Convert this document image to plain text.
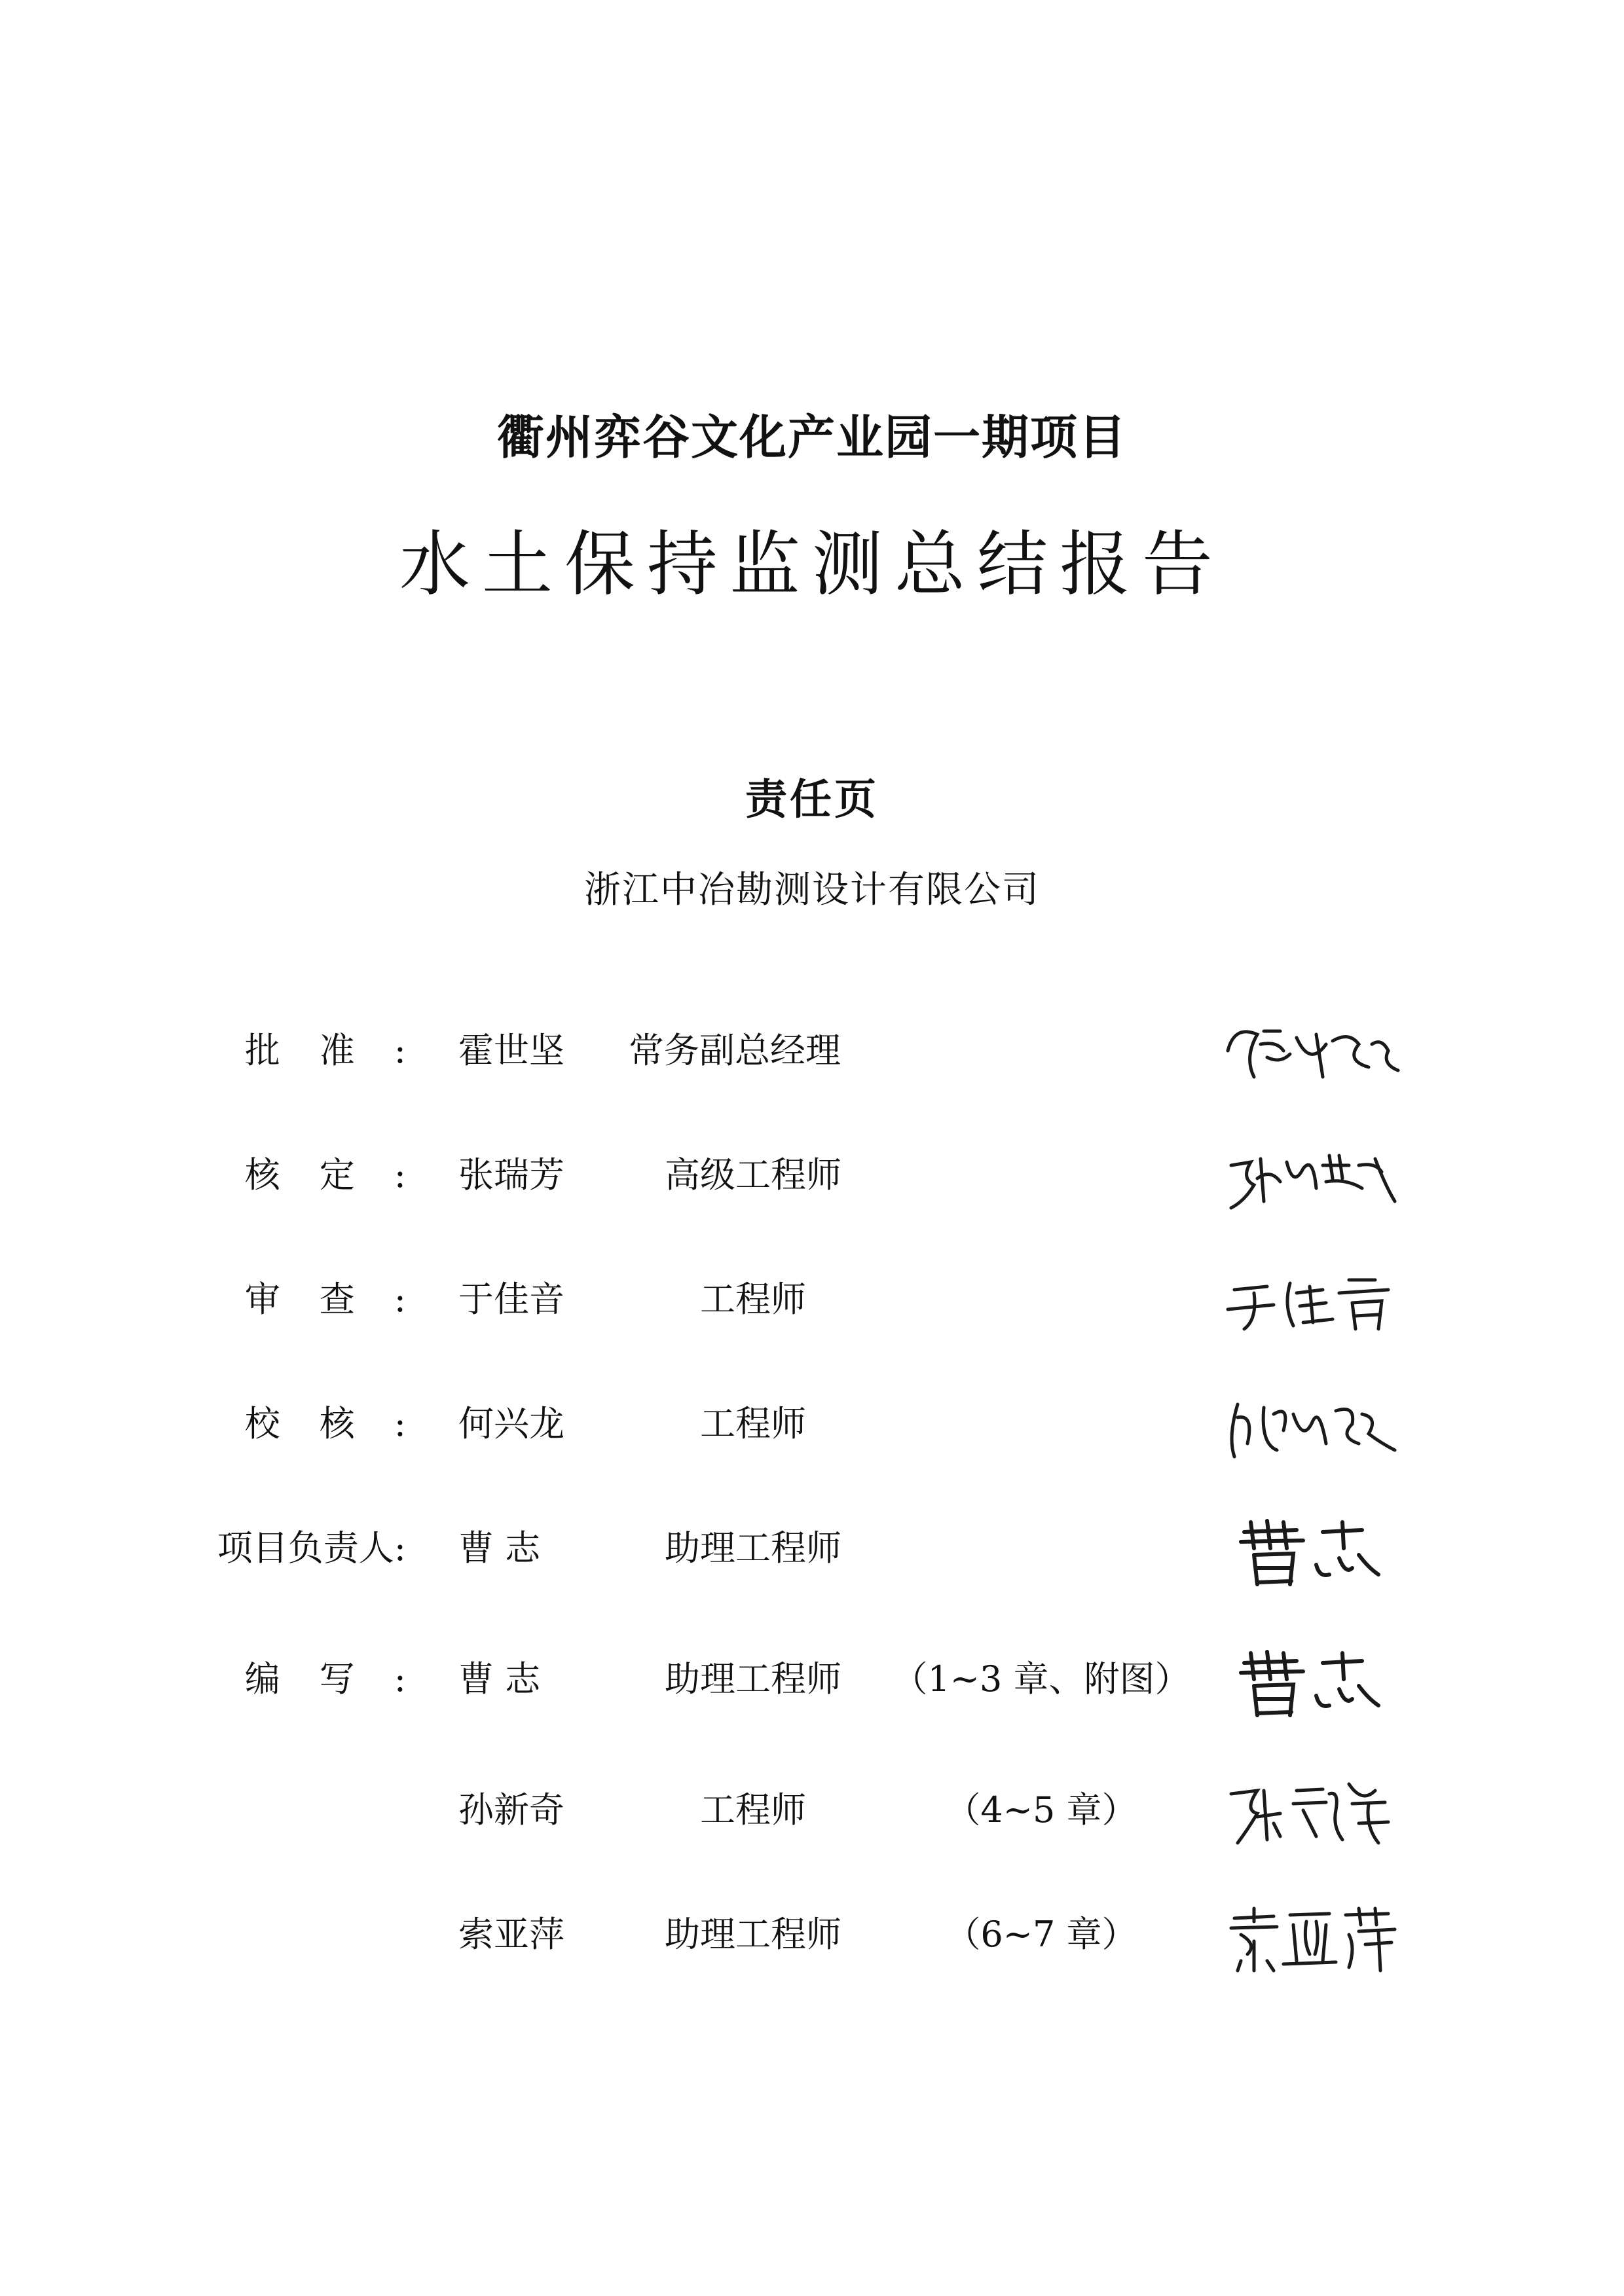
衢州弈谷文化产业园一期项目
水土保持监测总结报告
责任页
浙江中冶勘测设计有限公司
批准: 霍世坚	常务副总经理
核定: 张瑞芳	高级工程师
审查: 于佳音	工程师
校核: 何兴龙	工程师
项目负责人: 曹 志	助理工程师
编写: 曹 志	助理工程师	（1~3 章、附图）
孙新奇	工程师	（4~5 章）
索亚萍	助理工程师	（6~7 章）
